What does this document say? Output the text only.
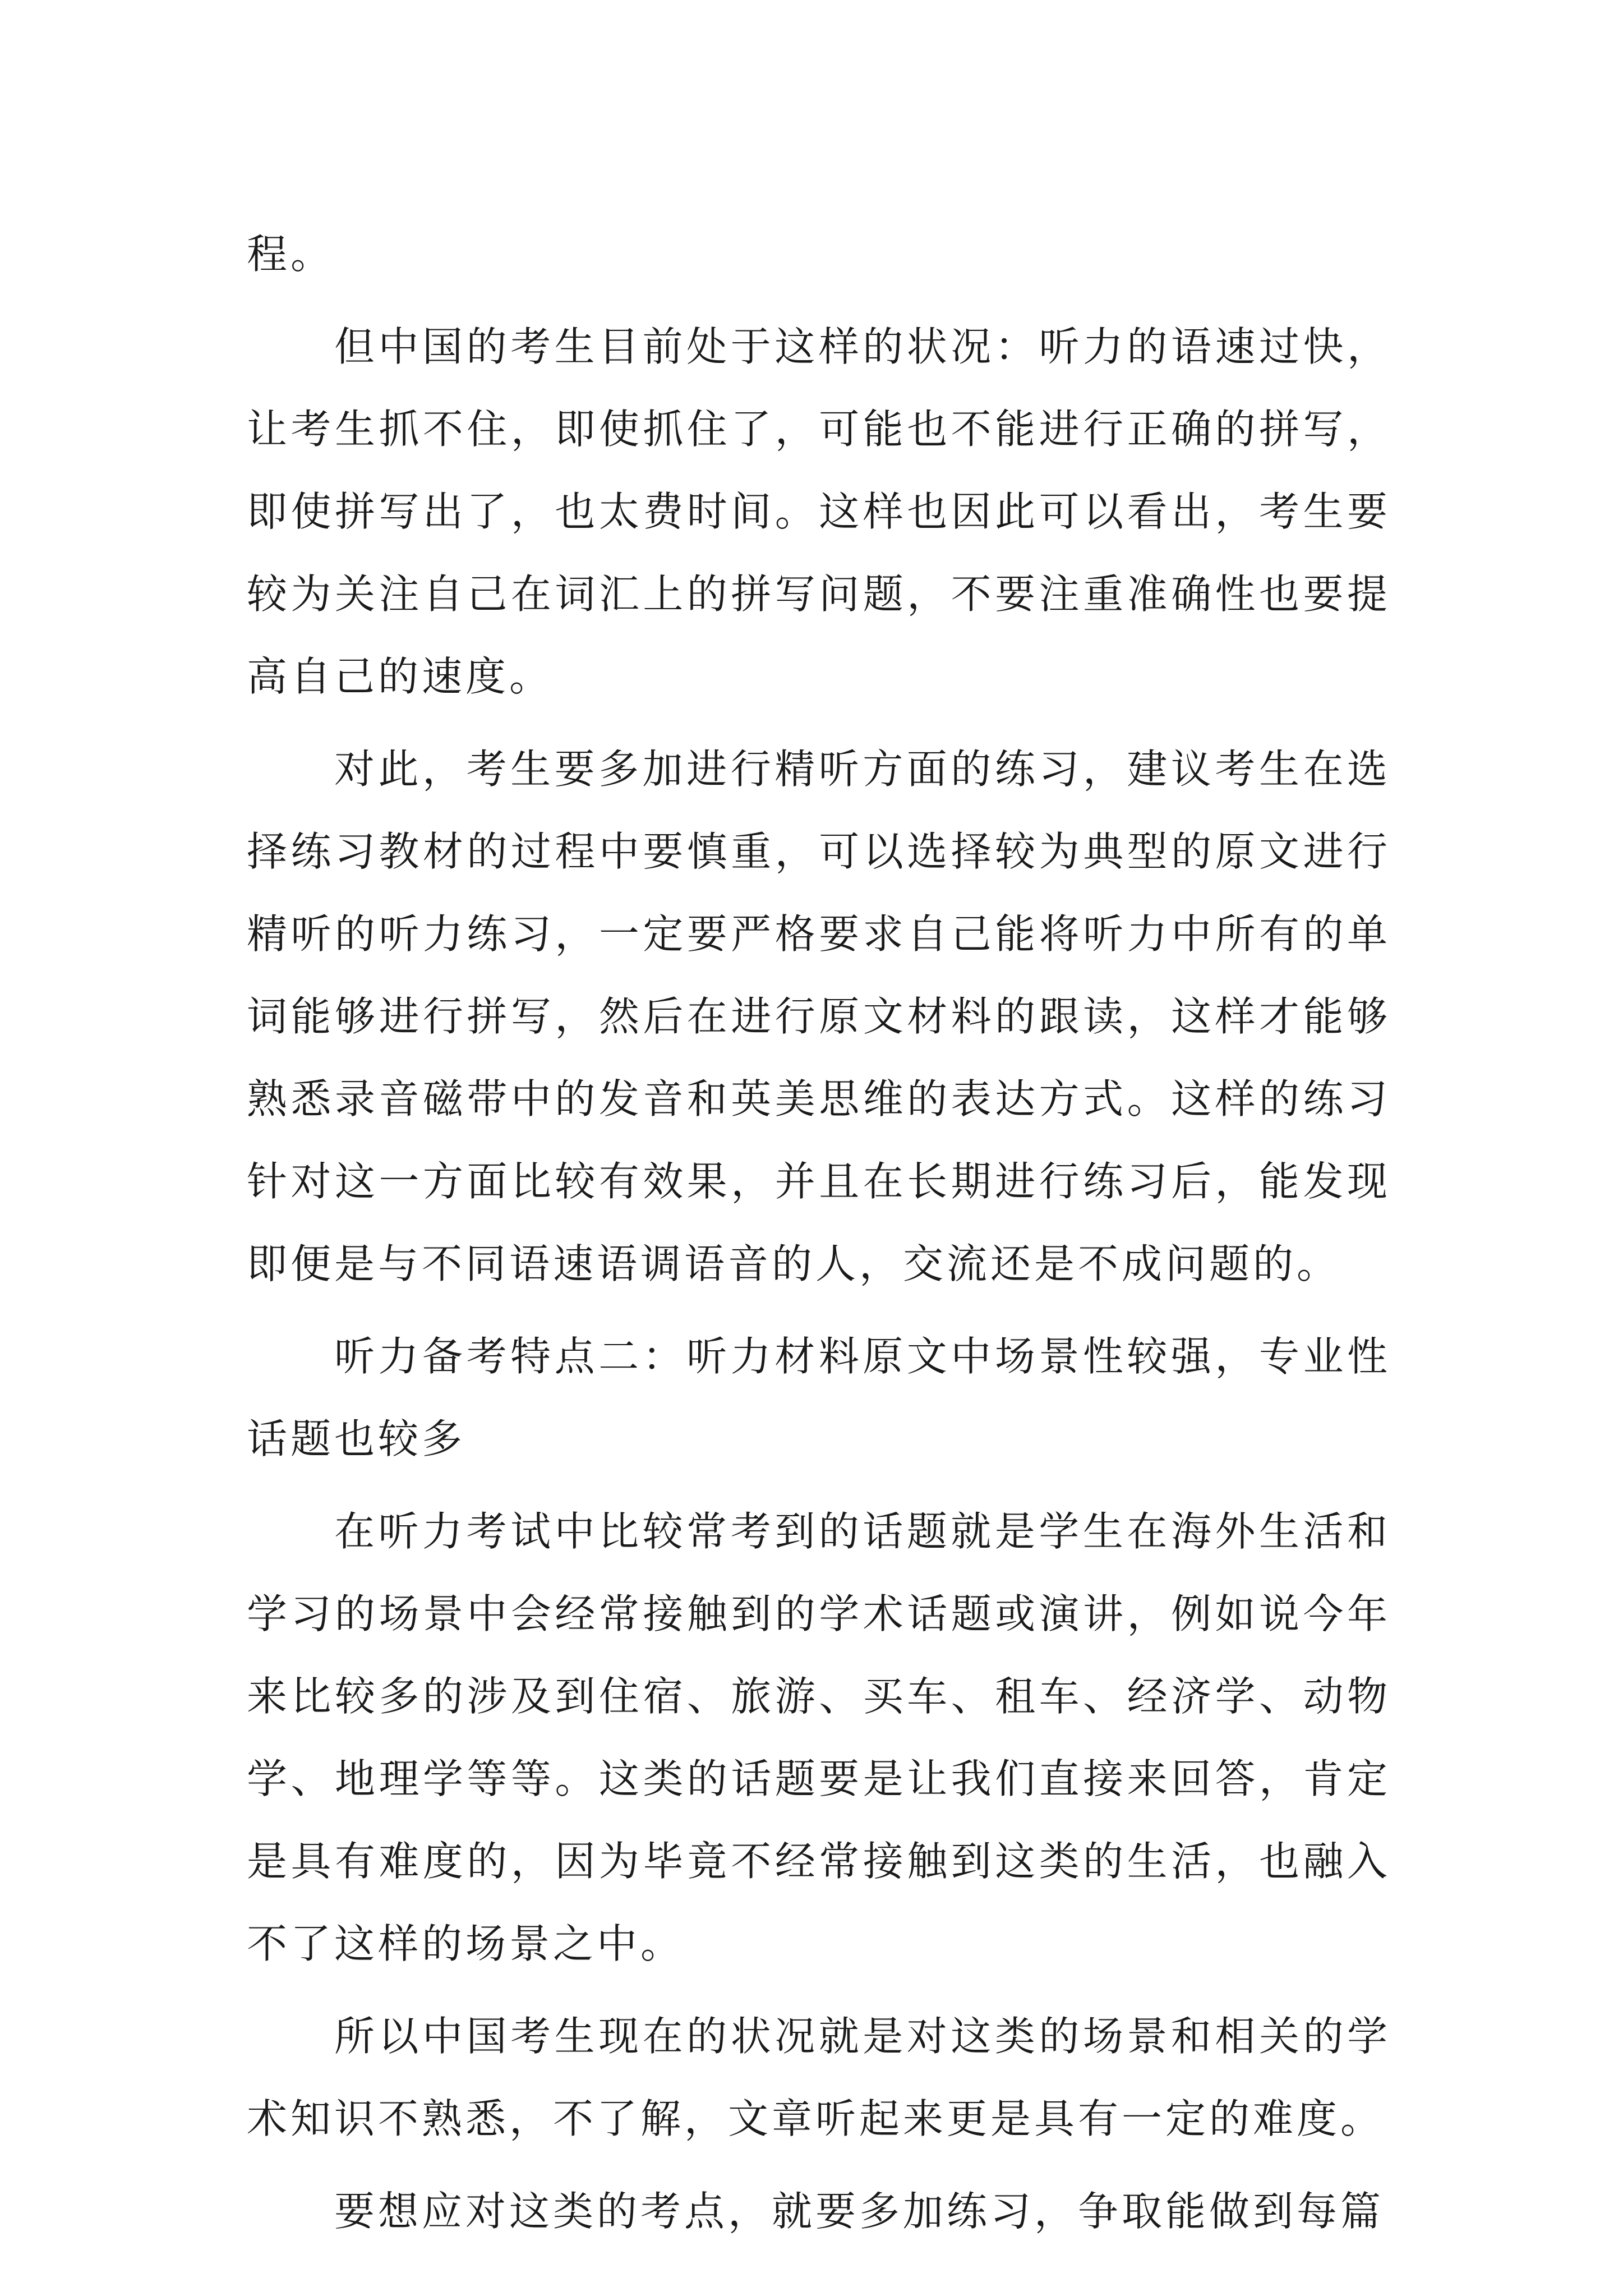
程。

但中国的考生目前处于这样的状况：听力的语速过快，让考生抓不住，即使抓住了，可能也不能进行正确的拼写，即使拼写出了，也太费时间。这样也因此可以看出，考生要较为关注自己在词汇上的拼写问题，不要注重准确性也要提高自己的速度。

对此，考生要多加进行精听方面的练习，建议考生在选择练习教材的过程中要慎重，可以选择较为典型的原文进行精听的听力练习，一定要严格要求自己能将听力中所有的单词能够进行拼写，然后在进行原文材料的跟读，这样才能够熟悉录音磁带中的发音和英美思维的表达方式。这样的练习针对这一方面比较有效果，并且在长期进行练习后，能发现即便是与不同语速语调语音的人，交流还是不成问题的。

听力备考特点二：听力材料原文中场景性较强，专业性话题也较多

在听力考试中比较常考到的话题就是学生在海外生活和学习的场景中会经常接触到的学术话题或演讲，例如说今年来比较多的涉及到住宿、旅游、买车、租车、经济学、动物学、地理学等等。这类的话题要是让我们直接来回答，肯定是具有难度的，因为毕竟不经常接触到这类的生活，也融入不了这样的场景之中。

所以中国考生现在的状况就是对这类的场景和相关的学术知识不熟悉，不了解，文章听起来更是具有一定的难度。

要想应对这类的考点，就要多加练习，争取能做到每篇
